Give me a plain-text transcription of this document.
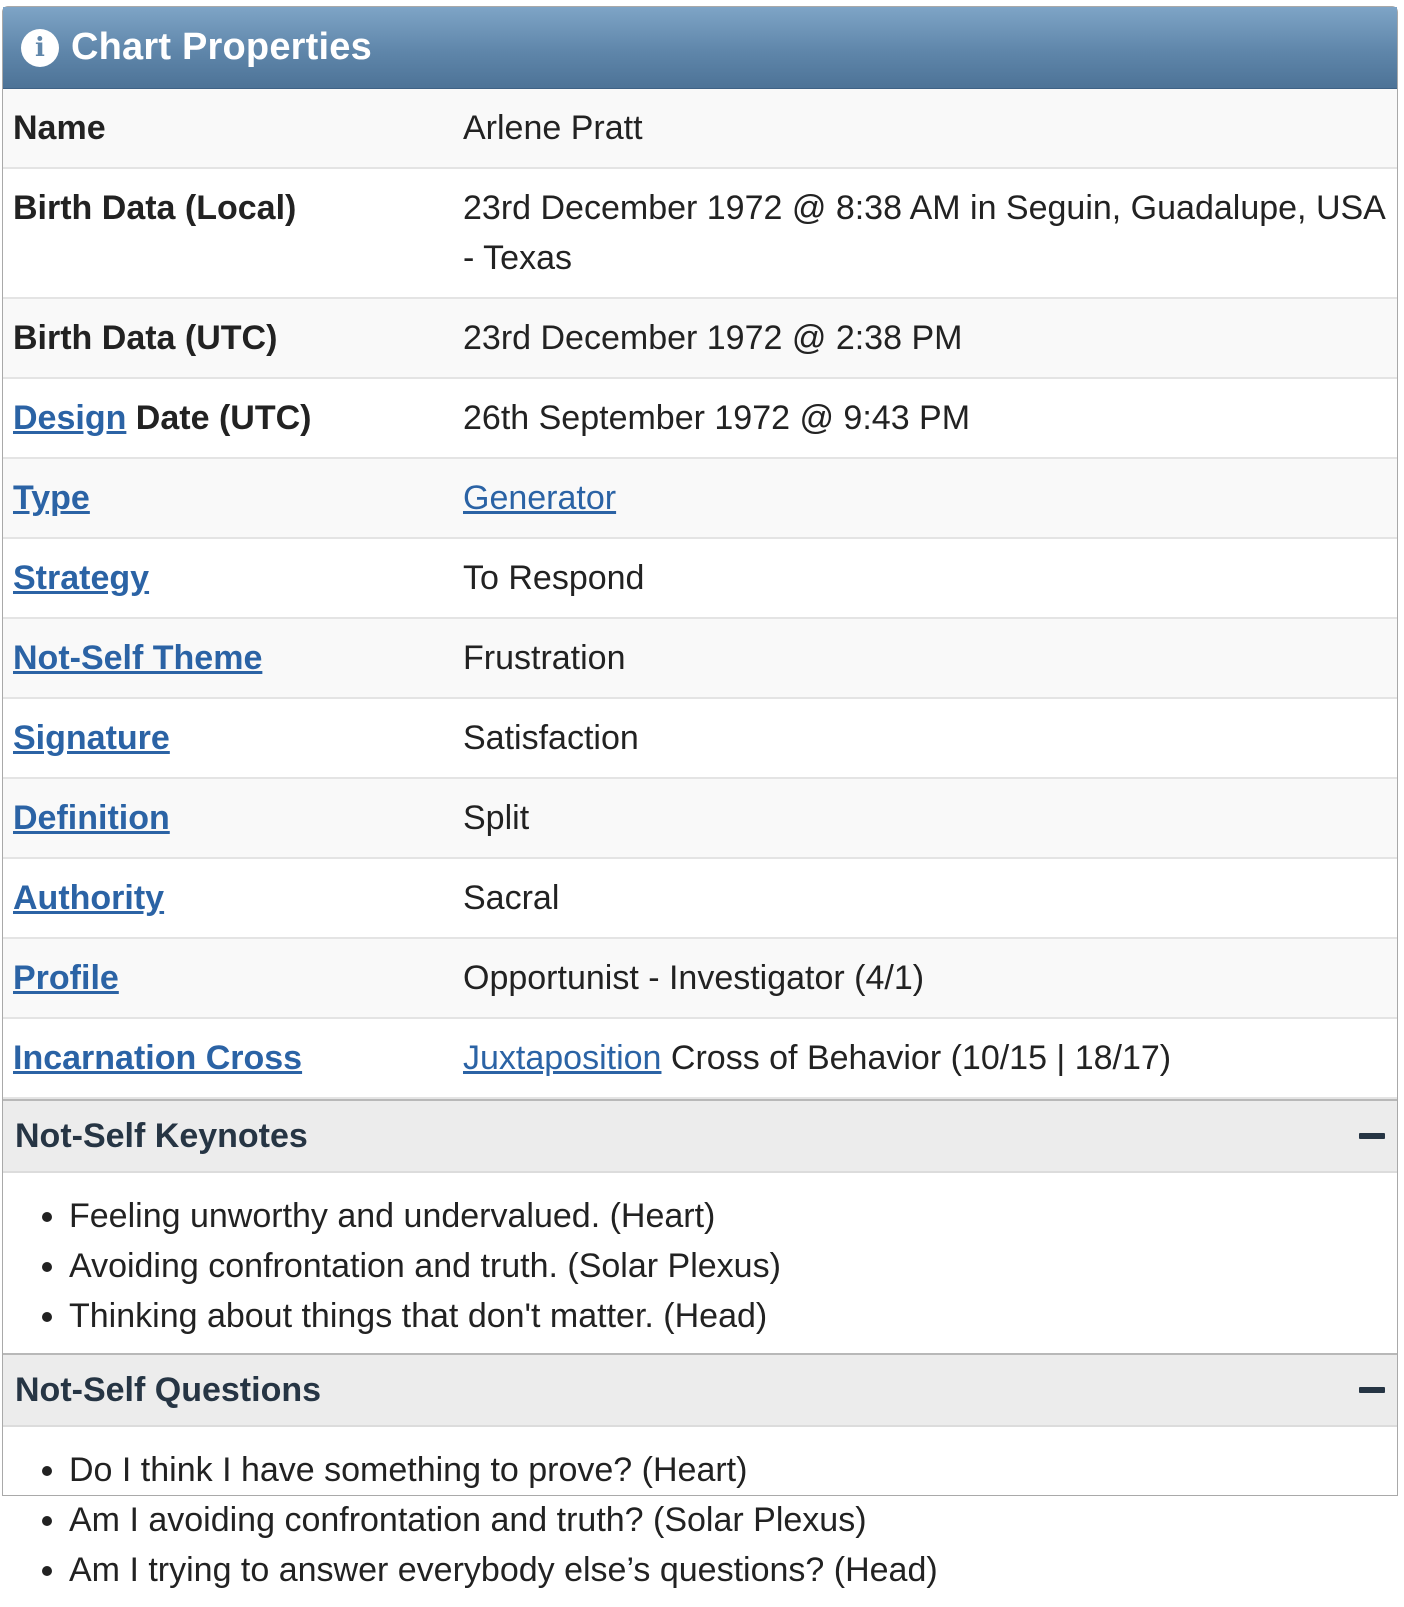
i Chart Properties
Name	Arlene Pratt
Birth Data (Local)	23rd December 1972 @ 8:38 AM in Seguin, Guadalupe, USA - Texas
Birth Data (UTC)	23rd December 1972 @ 2:38 PM
Design Date (UTC)	26th September 1972 @ 9:43 PM
Type	Generator
Strategy	To Respond
Not-Self Theme	Frustration
Signature	Satisfaction
Definition	Split
Authority	Sacral
Profile	Opportunist - Investigator (4/1)
Incarnation Cross	Juxtaposition Cross of Behavior (10/15 | 18/17)
Not-Self Keynotes
• Feeling unworthy and undervalued. (Heart)
• Avoiding confrontation and truth. (Solar Plexus)
• Thinking about things that don't matter. (Head)
Not-Self Questions
• Do I think I have something to prove? (Heart)
• Am I avoiding confrontation and truth? (Solar Plexus)
• Am I trying to answer everybody else’s questions? (Head)
